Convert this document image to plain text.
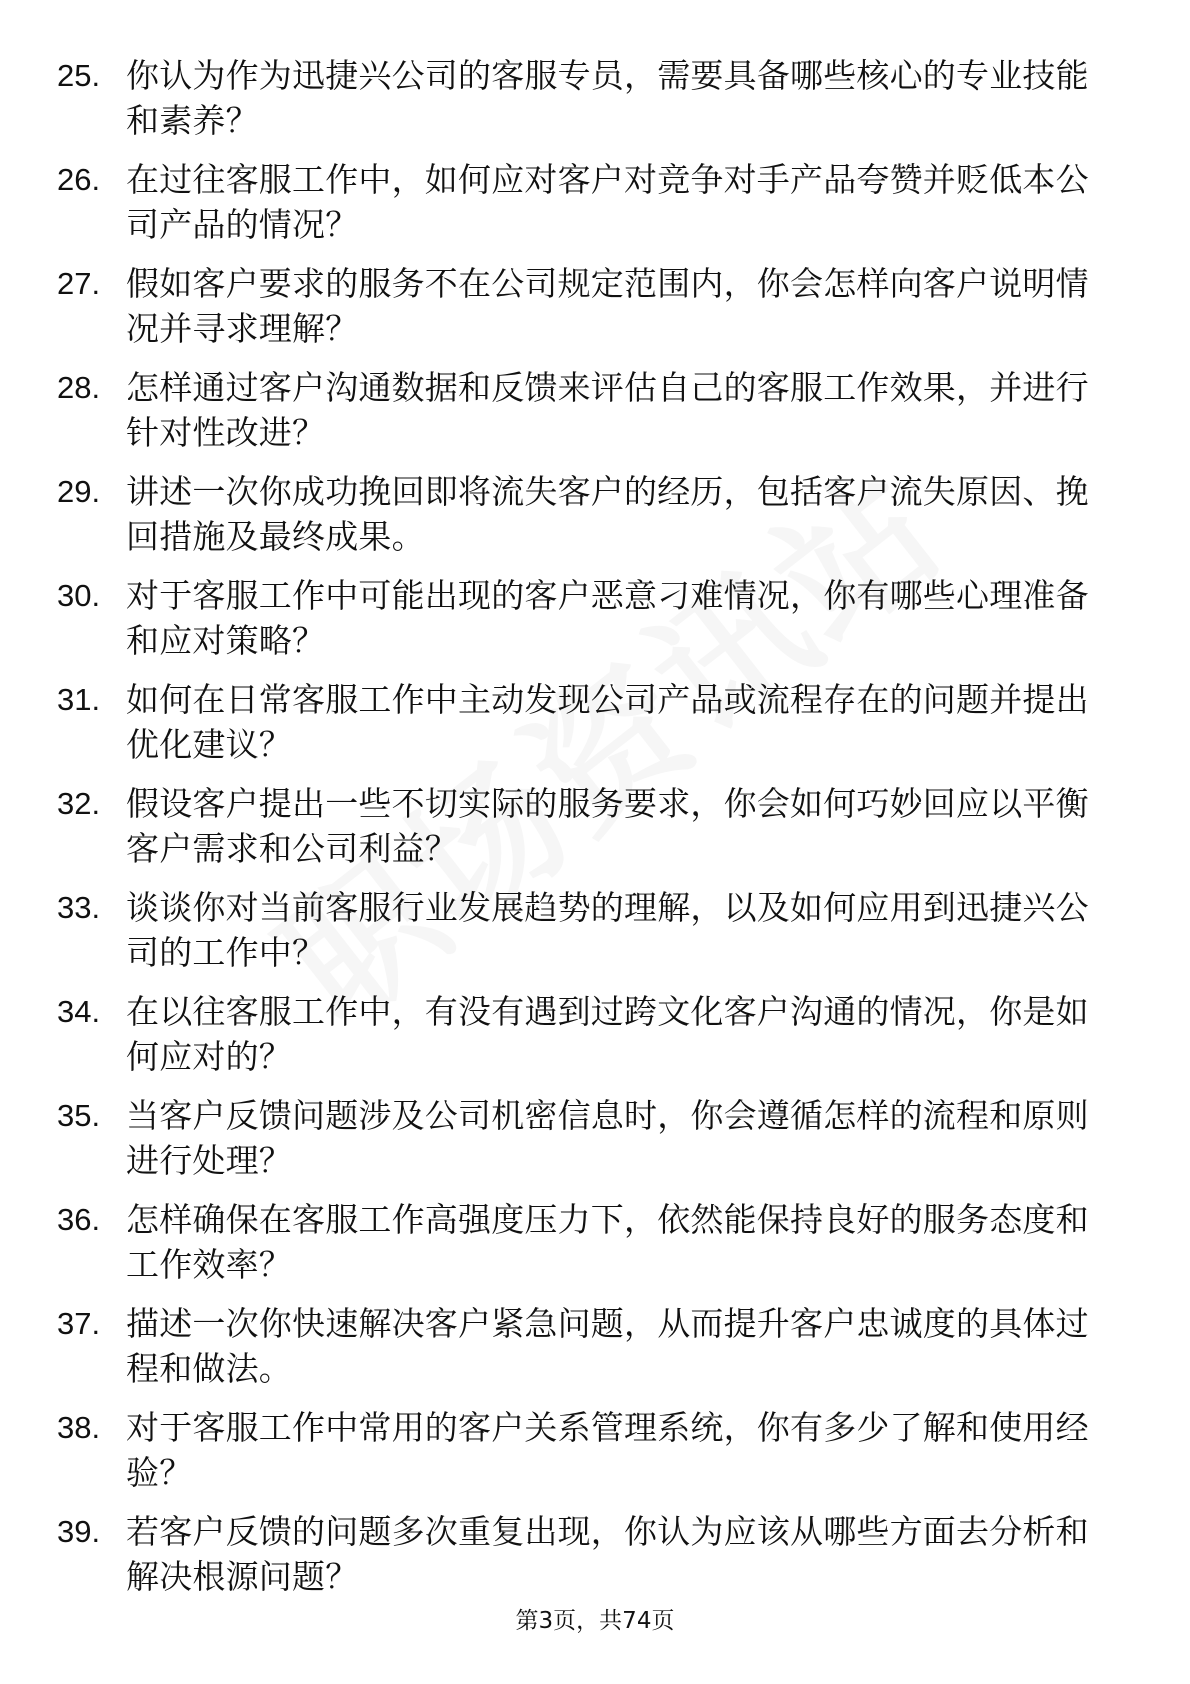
25. 你认为作为迅捷兴公司的客服专员，需要具备哪些核心的专业技能和素养？
26. 在过往客服工作中，如何应对客户对竞争对手产品夸赞并贬低本公司产品的情况？
27. 假如客户要求的服务不在公司规定范围内，你会怎样向客户说明情况并寻求理解？
28. 怎样通过客户沟通数据和反馈来评估自己的客服工作效果，并进行针对性改进？
29. 讲述一次你成功挽回即将流失客户的经历，包括客户流失原因、挽回措施及最终成果。
30. 对于客服工作中可能出现的客户恶意刁难情况，你有哪些心理准备和应对策略？
31. 如何在日常客服工作中主动发现公司产品或流程存在的问题并提出优化建议？
32. 假设客户提出一些不切实际的服务要求，你会如何巧妙回应以平衡客户需求和公司利益？
33. 谈谈你对当前客服行业发展趋势的理解，以及如何应用到迅捷兴公司的工作中？
34. 在以往客服工作中，有没有遇到过跨文化客户沟通的情况，你是如何应对的？
35. 当客户反馈问题涉及公司机密信息时，你会遵循怎样的流程和原则进行处理？
36. 怎样确保在客服工作高强度压力下，依然能保持良好的服务态度和工作效率？
37. 描述一次你快速解决客户紧急问题，从而提升客户忠诚度的具体过程和做法。
38. 对于客服工作中常用的客户关系管理系统，你有多少了解和使用经验？
39. 若客户反馈的问题多次重复出现，你认为应该从哪些方面去分析和解决根源问题？
第3页，共74页
